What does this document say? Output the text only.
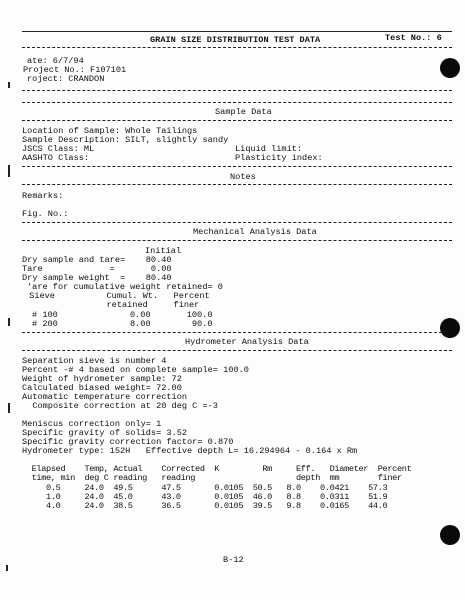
GRAIN SIZE DISTRIBUTION TEST DATA	Test No.: 6
ate: 6/7/94
Project No.: F107101
roject: CRANDON
Sample Data
Location of Sample: Whole Tailings
Sample Description: SILT, slightly sandy
JSCS Class: ML	Liquid limit:
AASHTO Class:	Plasticity index:
Notes
Remarks:
Fig. No.:
Mechanical Analysis Data
Initial
Dry sample and tare=    80.40
Tare             =       0.00
Dry sample weight  =    80.40
'are for cumulative weight retained= 0
Sieve          Cumul. Wt.   Percent
retained     finer
# 100              0.00       100.0
# 200              8.00        90.0
Hydrometer Analysis Data
Separation sieve is number 4
Percent -# 4 based on complete sample= 100.0
Weight of hydrometer sample: 72
Calculated biased weight= 72.00
Automatic temperature correction
Composite correction at 20 deg C =-3
Meniscus correction only= 1
Specific gravity of solids= 3.52
Specific gravity correction factor= 0.870
Hydrometer type: 152H   Effective depth L= 16.294964 - 0.164 x Rm
Elapsed    Temp, Actual    Corrected  K         Rm     Eff.   Diameter  Percent
time, min  deg C reading   reading                     depth  mm        finer
0.5     24.0  49.5      47.5       0.0105  50.5   8.0    0.0421    57.3
1.0     24.0  45.0      43.0       0.0105  46.0   8.8    0.0311    51.9
4.0     24.0  38.5      36.5       0.0105  39.5   9.8    0.0165    44.0
B-12
